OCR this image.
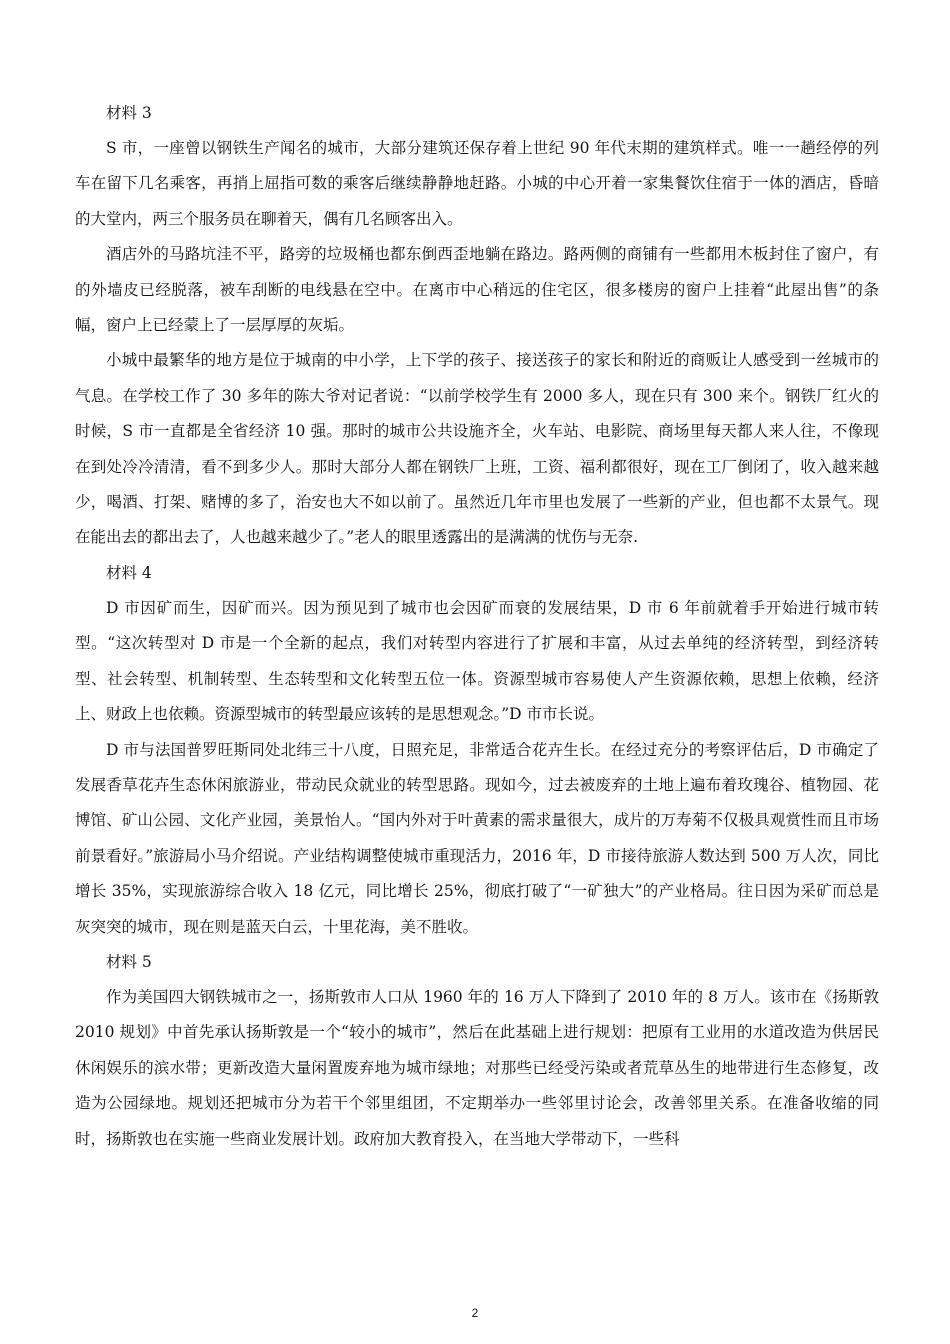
材料 3

S 市，一座曾以钢铁生产闻名的城市，大部分建筑还保存着上世纪 90 年代末期的建筑样式。唯一一趟经停的列车在留下几名乘客，再捎上屈指可数的乘客后继续静静地赶路。小城的中心开着一家集餐饮住宿于一体的酒店，昏暗的大堂内，两三个服务员在聊着天，偶有几名顾客出入。

酒店外的马路坑洼不平，路旁的垃圾桶也都东倒西歪地躺在路边。路两侧的商铺有一些都用木板封住了窗户，有的外墙皮已经脱落，被车刮断的电线悬在空中。在离市中心稍远的住宅区，很多楼房的窗户上挂着“此屋出售”的条幅，窗户上已经蒙上了一层厚厚的灰垢。

小城中最繁华的地方是位于城南的中小学，上下学的孩子、接送孩子的家长和附近的商贩让人感受到一丝城市的气息。在学校工作了 30 多年的陈大爷对记者说：“以前学校学生有 2000 多人，现在只有 300 来个。钢铁厂红火的时候，S 市一直都是全省经济 10 强。那时的城市公共设施齐全，火车站、电影院、商场里每天都人来人往，不像现在到处冷冷清清，看不到多少人。那时大部分人都在钢铁厂上班，工资、福利都很好，现在工厂倒闭了，收入越来越少，喝酒、打架、赌博的多了，治安也大不如以前了。虽然近几年市里也发展了一些新的产业，但也都不太景气。现在能出去的都出去了，人也越来越少了。”老人的眼里透露出的是满满的忧伤与无奈.

材料 4

D 市因矿而生，因矿而兴。因为预见到了城市也会因矿而衰的发展结果，D 市 6 年前就着手开始进行城市转型。“这次转型对 D 市是一个全新的起点，我们对转型内容进行了扩展和丰富，从过去单纯的经济转型，到经济转型、社会转型、机制转型、生态转型和文化转型五位一体。资源型城市容易使人产生资源依赖，思想上依赖，经济上、财政上也依赖。资源型城市的转型最应该转的是思想观念。”D 市市长说。

D 市与法国普罗旺斯同处北纬三十八度，日照充足，非常适合花卉生长。在经过充分的考察评估后，D 市确定了发展香草花卉生态休闲旅游业，带动民众就业的转型思路。现如今，过去被废弃的土地上遍布着玫瑰谷、植物园、花博馆、矿山公园、文化产业园，美景怡人。“国内外对于叶黄素的需求量很大，成片的万寿菊不仅极具观赏性而且市场前景看好。”旅游局小马介绍说。产业结构调整使城市重现活力，2016 年，D 市接待旅游人数达到 500 万人次，同比增长 35%，实现旅游综合收入 18 亿元，同比增长 25%，彻底打破了“一矿独大”的产业格局。往日因为采矿而总是灰突突的城市，现在则是蓝天白云，十里花海，美不胜收。

材料 5

作为美国四大钢铁城市之一，扬斯敦市人口从 1960 年的 16 万人下降到了 2010 年的 8 万人。该市在《扬斯敦 2010 规划》中首先承认扬斯敦是一个“较小的城市”，然后在此基础上进行规划：把原有工业用的水道改造为供居民休闲娱乐的滨水带；更新改造大量闲置废弃地为城市绿地；对那些已经受污染或者荒草丛生的地带进行生态修复，改造为公园绿地。规划还把城市分为若干个邻里组团，不定期举办一些邻里讨论会，改善邻里关系。在准备收缩的同时，扬斯敦也在实施一些商业发展计划。政府加大教育投入，在当地大学带动下，一些科

2
